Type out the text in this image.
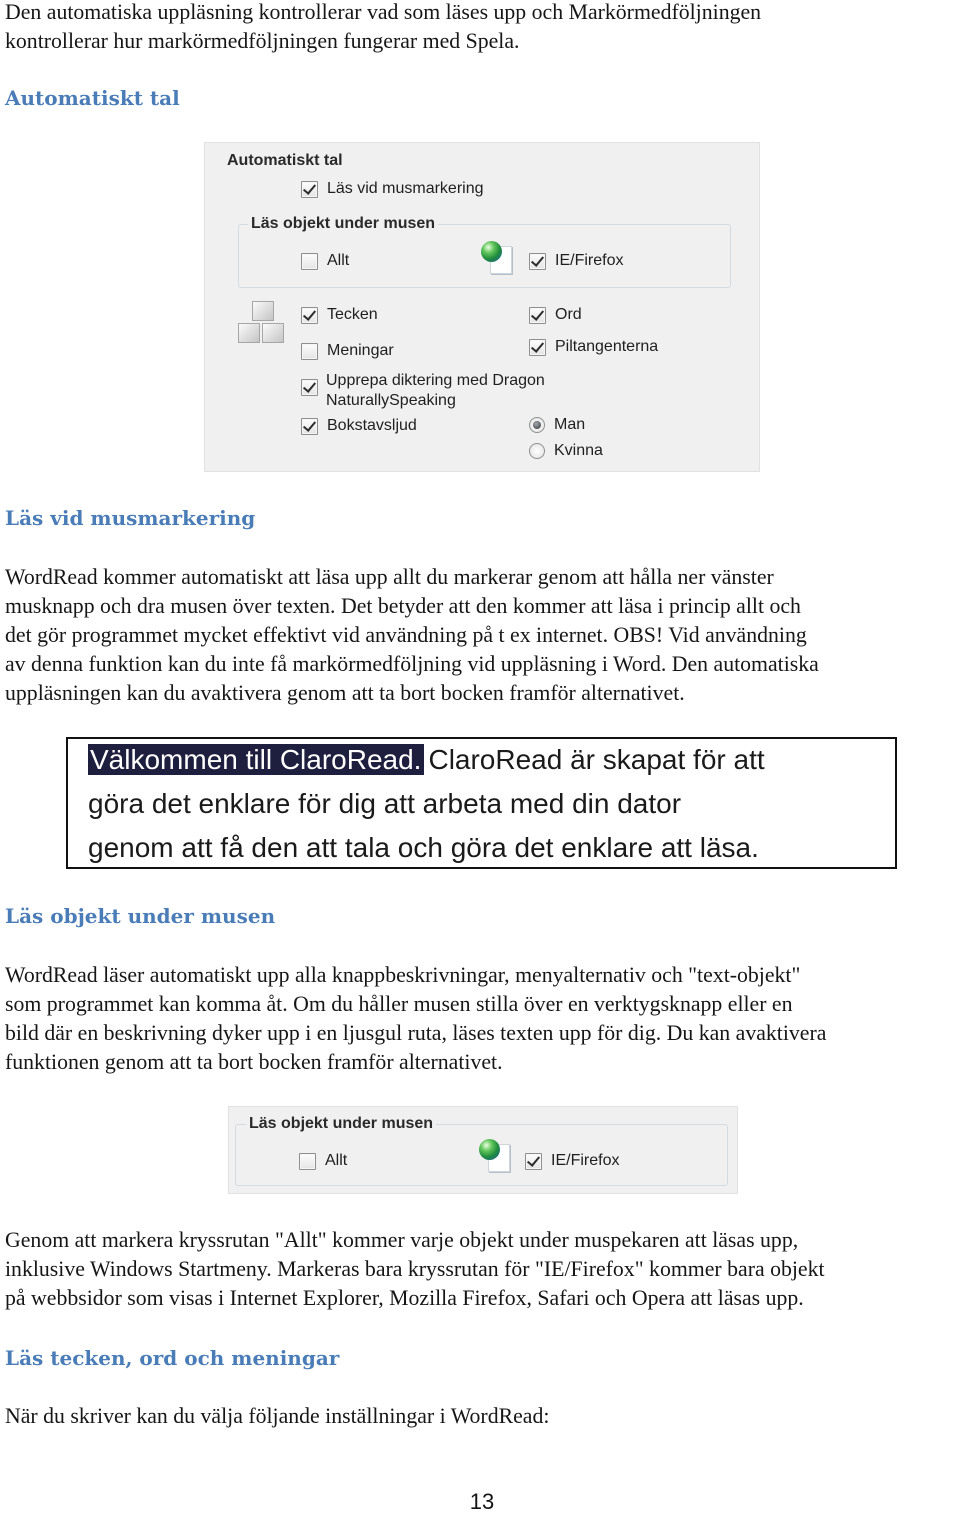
Den automatiska uppläsning kontrollerar vad som läses upp och Markörmedföljningen
kontrollerar hur markörmedföljningen fungerar med Spela.
Automatiskt tal
Automatiskt tal
Läs vid musmarkering
Läs objekt under musen
Allt	IE/Firefox
Tecken	Ord
Meningar	Piltangenterna
Upprepa diktering med Dragon
NaturallySpeaking
Bokstavsljud	Man
Kvinna
Läs vid musmarkering
WordRead kommer automatiskt att läsa upp allt du markerar genom att hålla ner vänster
musknapp och dra musen över texten. Det betyder att den kommer att läsa i princip allt och
det gör programmet mycket effektivt vid användning på t ex internet. OBS! Vid användning
av denna funktion kan du inte få markörmedföljning vid uppläsning i Word. Den automatiska
uppläsningen kan du avaktivera genom att ta bort bocken framför alternativet.
Välkommen till ClaroRead. ClaroRead är skapat för att
göra det enklare för dig att arbeta med din dator
genom att få den att tala och göra det enklare att läsa.
Läs objekt under musen
WordRead läser automatiskt upp alla knappbeskrivningar, menyalternativ och "text-objekt"
som programmet kan komma åt. Om du håller musen stilla över en verktygsknapp eller en
bild där en beskrivning dyker upp i en ljusgul ruta, läses texten upp för dig. Du kan avaktivera
funktionen genom att ta bort bocken framför alternativet.
Läs objekt under musen
Allt	IE/Firefox
Genom att markera kryssrutan "Allt" kommer varje objekt under muspekaren att läsas upp,
inklusive Windows Startmeny. Markeras bara kryssrutan för "IE/Firefox" kommer bara objekt
på webbsidor som visas i Internet Explorer, Mozilla Firefox, Safari och Opera att läsas upp.
Läs tecken, ord och meningar
När du skriver kan du välja följande inställningar i WordRead:
13
